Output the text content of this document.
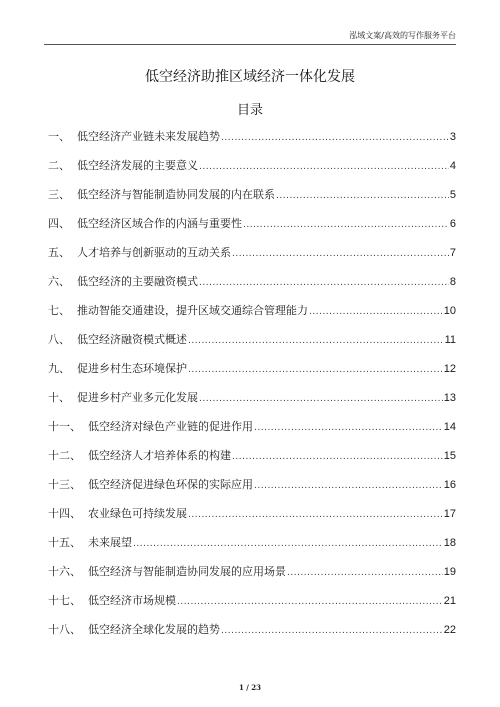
泓域文案/高效的写作服务平台
低空经济助推区域经济一体化发展
目录
一、 低空经济产业链未来发展趋势 .....	3
二、 低空经济发展的主要意义 .....	4
三、 低空经济与智能制造协同发展的内在联系 .....	5
四、 低空经济区域合作的内涵与重要性 .....	6
五、 人才培养与创新驱动的互动关系 .....	7
六、 低空经济的主要融资模式 .....	8
七、 推动智能交通建设，提升区域交通综合管理能力 .....	10
八、 低空经济融资模式概述 .....	11
九、 促进乡村生态环境保护 .....	12
十、 促进乡村产业多元化发展 .....	13
十一、 低空经济对绿色产业链的促进作用 .....	14
十二、 低空经济人才培养体系的构建 .....	15
十三、 低空经济促进绿色环保的实际应用 .....	16
十四、 农业绿色可持续发展 .....	17
十五、 未来展望 .....	18
十六、 低空经济与智能制造协同发展的应用场景 .....	19
十七、 低空经济市场规模 .....	21
十八、 低空经济全球化发展的趋势 .....	22
1 / 23
